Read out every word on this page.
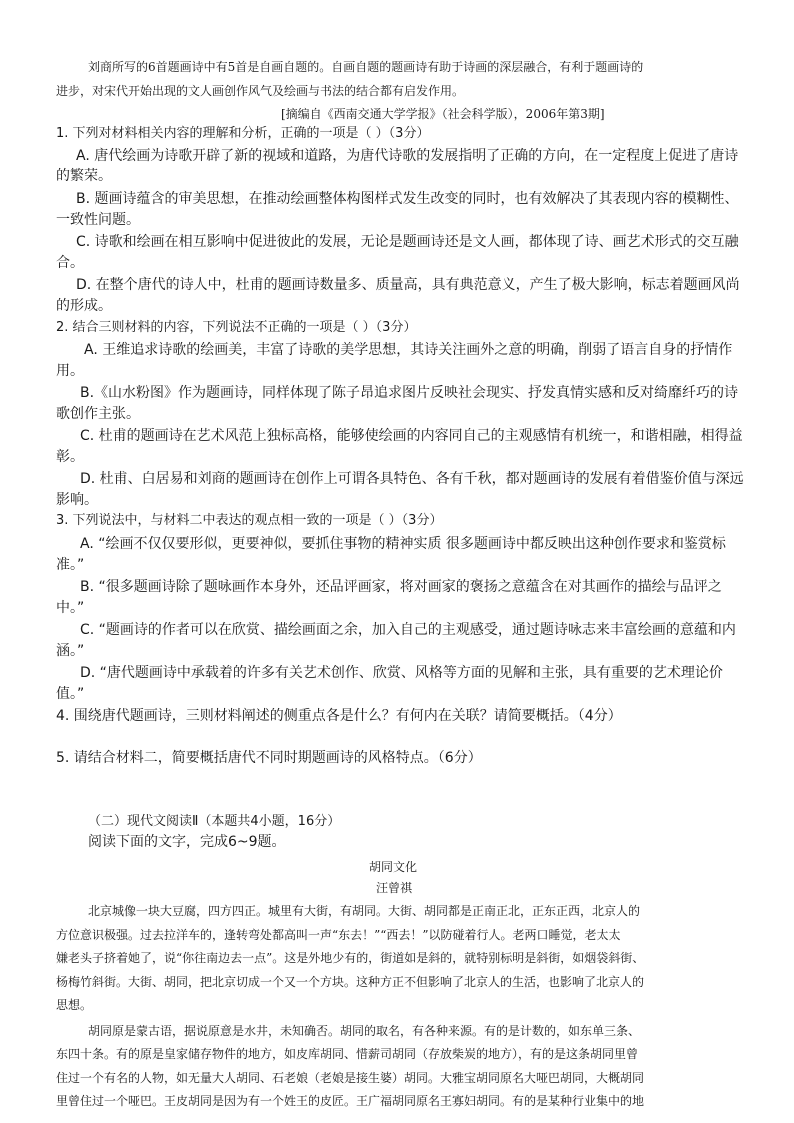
刘商所写的6首题画诗中有5首是自画自题的。自画自题的题画诗有助于诗画的深层融合，有利于题画诗的
进步，对宋代开始出现的文人画创作风气及绘画与书法的结合都有启发作用。
[摘编自《西南交通大学学报》（社会科学版），2006年第3期]
1. 下列对材料相关内容的理解和分析，正确的一项是（ ）（3分）
A. 唐代绘画为诗歌开辟了新的视域和道路，为唐代诗歌的发展指明了正确的方向，在一定程度上促进了唐诗
的繁荣。
B. 题画诗蕴含的审美思想，在推动绘画整体构图样式发生改变的同时，也有效解决了其表现内容的模糊性、
一致性问题。
C. 诗歌和绘画在相互影响中促进彼此的发展，无论是题画诗还是文人画，都体现了诗、画艺术形式的交互融
合。
D. 在整个唐代的诗人中，杜甫的题画诗数量多、质量高，具有典范意义，产生了极大影响，标志着题画风尚
的形成。
2. 结合三则材料的内容，下列说法不正确的一项是（ ）（3分）
A. 王维追求诗歌的绘画美，丰富了诗歌的美学思想，其诗关注画外之意的明确，削弱了语言自身的抒情作
用。
B.《山水粉图》作为题画诗，同样体现了陈子昂追求图片反映社会现实、抒发真情实感和反对绮靡纤巧的诗
歌创作主张。
C. 杜甫的题画诗在艺术风范上独标高格，能够使绘画的内容同自己的主观感情有机统一，和谐相融，相得益
彰。
D. 杜甫、白居易和刘商的题画诗在创作上可谓各具特色、各有千秋，都对题画诗的发展有着借鉴价值与深远
影响。
3. 下列说法中，与材料二中表达的观点相一致的一项是（ ）（3分）
A. “绘画不仅仅要形似，更要神似，要抓住事物的精神实质 很多题画诗中都反映出这种创作要求和鉴赏标
准。”
B. “很多题画诗除了题咏画作本身外，还品评画家，将对画家的褒扬之意蕴含在对其画作的描绘与品评之
中。”
C. “题画诗的作者可以在欣赏、描绘画面之余，加入自己的主观感受，通过题诗咏志来丰富绘画的意蕴和内
涵。”
D. “唐代题画诗中承载着的许多有关艺术创作、欣赏、风格等方面的见解和主张，具有重要的艺术理论价
值。”
4. 围绕唐代题画诗，三则材料阐述的侧重点各是什么？有何内在关联？请简要概括。（4分）
5. 请结合材料二，简要概括唐代不同时期题画诗的风格特点。（6分）
（二）现代文阅读Ⅱ（本题共4小题，16分）
阅读下面的文字，完成6~9题。
胡同文化
汪曾祺
北京城像一块大豆腐，四方四正。城里有大街，有胡同。大街、胡同都是正南正北，正东正西，北京人的
方位意识极强。过去拉洋车的，逢转弯处都高叫一声“东去！”“西去！”以防碰着行人。老两口睡觉，老太太
嫌老头子挤着她了，说“你往南边去一点”。这是外地少有的，街道如是斜的，就特别标明是斜街，如烟袋斜街、
杨梅竹斜街。大街、胡同，把北京切成一个又一个方块。这种方正不但影响了北京人的生活，也影响了北京人的
思想。
胡同原是蒙古语，据说原意是水井，未知确否。胡同的取名，有各种来源。有的是计数的，如东单三条、
东四十条。有的原是皇家储存物件的地方，如皮库胡同、惜薪司胡同（存放柴炭的地方），有的是这条胡同里曾
住过一个有名的人物，如无量大人胡同、石老娘（老娘是接生婆）胡同。大雅宝胡同原名大哑巴胡同，大概胡同
里曾住过一个哑巴。王皮胡同是因为有一个姓王的皮匠。王广福胡同原名王寡妇胡同。有的是某种行业集中的地
